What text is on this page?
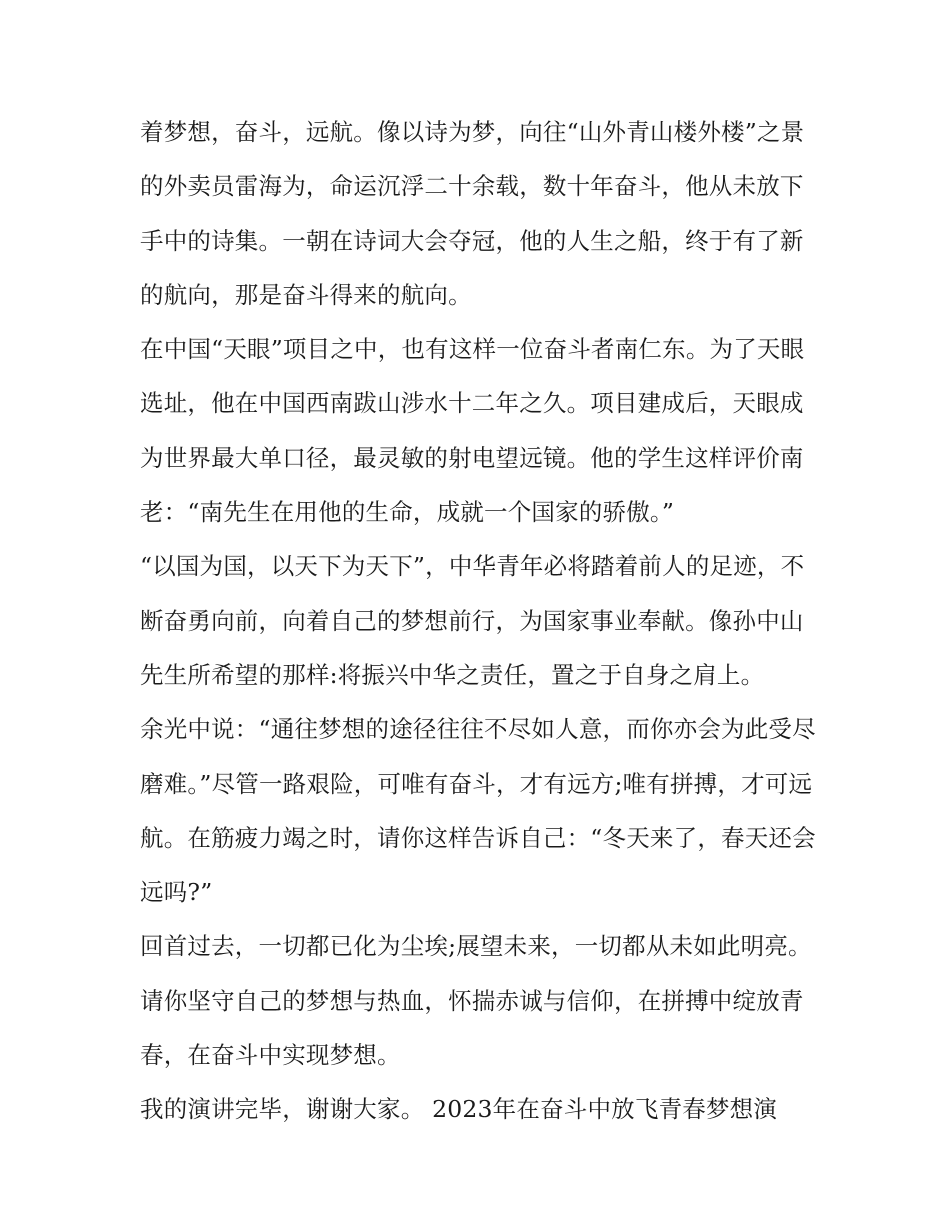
着梦想，奋斗，远航。像以诗为梦，向往“山外青山楼外楼”之景的外卖员雷海为，命运沉浮二十余载，数十年奋斗，他从未放下手中的诗集。一朝在诗词大会夺冠，他的人生之船，终于有了新的航向，那是奋斗得来的航向。

在中国“天眼”项目之中，也有这样一位奋斗者南仁东。为了天眼选址，他在中国西南跋山涉水十二年之久。项目建成后，天眼成为世界最大单口径，最灵敏的射电望远镜。他的学生这样评价南老：“南先生在用他的生命，成就一个国家的骄傲。”

“以国为国，以天下为天下”，中华青年必将踏着前人的足迹，不断奋勇向前，向着自己的梦想前行，为国家事业奉献。像孙中山先生所希望的那样:将振兴中华之责任，置之于自身之肩上。

余光中说：“通往梦想的途径往往不尽如人意，而你亦会为此受尽磨难。”尽管一路艰险，可唯有奋斗，才有远方;唯有拼搏，才可远航。在筋疲力竭之时，请你这样告诉自己：“冬天来了，春天还会远吗?”

回首过去，一切都已化为尘埃;展望未来，一切都从未如此明亮。请你坚守自己的梦想与热血，怀揣赤诚与信仰，在拼搏中绽放青春，在奋斗中实现梦想。

我的演讲完毕，谢谢大家。 2023年在奋斗中放飞青春梦想演
